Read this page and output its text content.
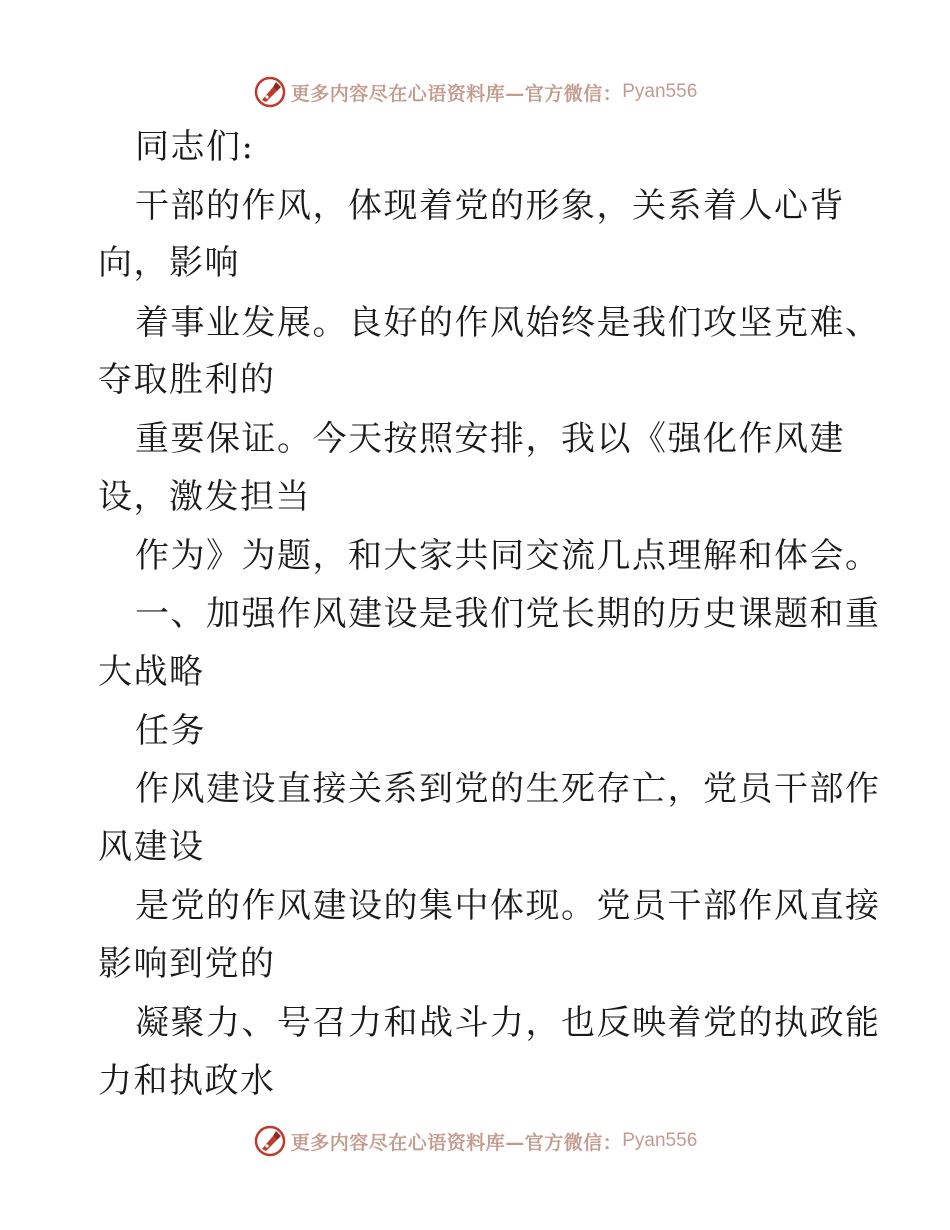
更多内容尽在心语资料库—官方微信： Pyan556
同志们:
干部的作风，体现着党的形象，关系着人心背
向，影响
着事业发展。良好的作风始终是我们攻坚克难、
夺取胜利的
重要保证。今天按照安排，我以《强化作风建
设，激发担当
作为》为题，和大家共同交流几点理解和体会。
一、加强作风建设是我们党长期的历史课题和重
大战略
任务
作风建设直接关系到党的生死存亡，党员干部作
风建设
是党的作风建设的集中体现。党员干部作风直接
影响到党的
凝聚力、号召力和战斗力，也反映着党的执政能
力和执政水
更多内容尽在心语资料库—官方微信： Pyan556
